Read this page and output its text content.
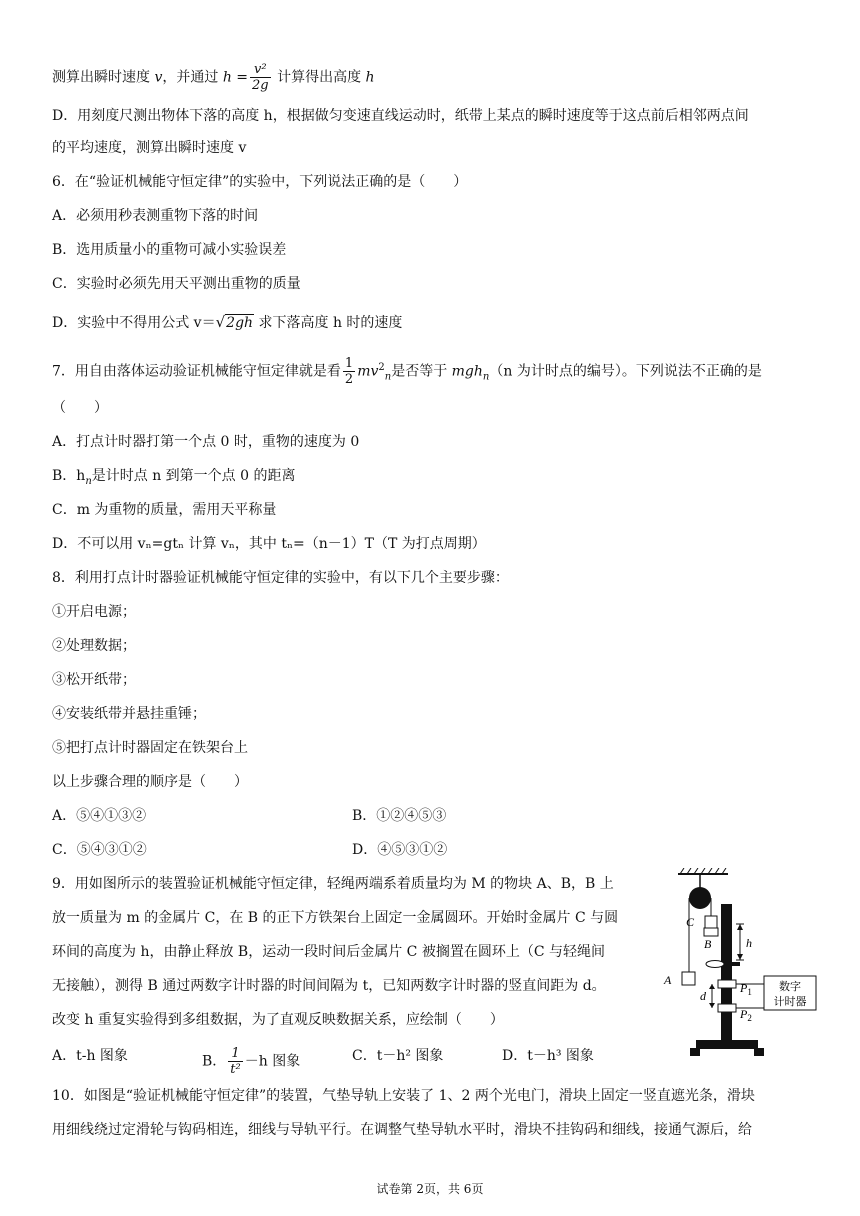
测算出瞬时速度 v，并通过 $h = \frac{\text{v²}}{2g}$ 计算得出高度 h
D．用刻度尺测出物体下落的高度 h，根据做匀变速直线运动时，纸带上某点的瞬时速度等于这点前后相邻两点间
的平均速度，测算出瞬时速度 v
6．在“验证机械能守恒定律”的实验中，下列说法正确的是（　　）
A．必须用秒表测重物下落的时间
B．选用质量小的重物可减小实验误差
C．实验时必须先用天平测出重物的质量
D．实验中不得用公式 v＝√2gh 求下落高度 h 时的速度
7．用自由落体运动验证机械能守恒定律就是看 $\frac{1}{2} mv^2_n$是否等于 mgh$_n$（n 为计时点的编号）。下列说法不正确的是
（　　）
A．打点计时器打第一个点 0 时，重物的速度为 0
B．$h_n$是计时点 n 到第一个点 0 的距离
C．m 为重物的质量，需用天平称量
D．不可以用 vₙ=gtₙ 计算 vₙ，其中 tₙ=（n－1）T（T 为打点周期）
8．利用打点计时器验证机械能守恒定律的实验中，有以下几个主要步骤：
①开启电源；
②处理数据；
③松开纸带；
④安装纸带并悬挂重锤；
⑤把打点计时器固定在铁架台上
以上步骤合理的顺序是（　　）
A．⑤④①③②	B．①②④⑤③
C．⑤④③①②	D．④⑤③①②
9．用如图所示的装置验证机械能守恒定律，轻绳两端系着质量均为 M 的物块 A、B，B 上
放一质量为 m 的金属片 C，在 B 的正下方铁架台上固定一金属圆环。开始时金属片 C 与圆
环间的高度为 h，由静止释放 B，运动一段时间后金属片 C 被搁置在圆环上（C 与轻绳间
无接触），测得 B 通过两数字计时器的时间间隔为 t，已知两数字计时器的竖直间距为 d。
改变 h 重复实验得到多组数据，为了直观反映数据关系，应绘制（　　）
A．t-h 图象	B． $\frac{1}{\text{t²}} -h$ 图象	C．t－h² 图象	D．t－h³ 图象
A
C
B	h
$P_1$
$P_2$
d
数字
计时器
10．如图是“验证机械能守恒定律”的装置，气垫导轨上安装了 1、2 两个光电门，滑块上固定一竖直遮光条，滑块
用细线绕过定滑轮与钩码相连，细线与导轨平行。在调整气垫导轨水平时，滑块不挂钩码和细线，接通气源后，给
试卷第 2页，共 6页
